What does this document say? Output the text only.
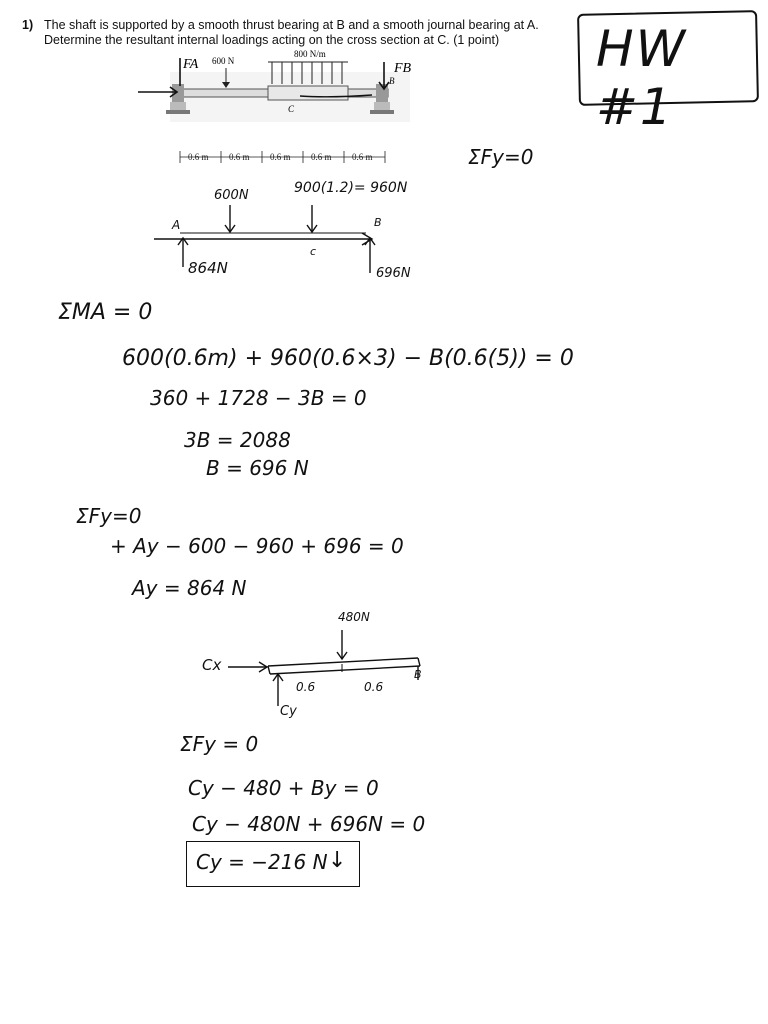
1) The shaft is supported by a smooth thrust bearing at B and a smooth journal bearing at A.
Determine the resultant internal loadings acting on the cross section at C. (1 point)	HW #1
600 N
800 N/m
FA	FB
C
B
0.6 m 0.6 m 0.6 m 0.6 m 0.6 m	ΣFy=0
600N	900(1.2)= 960N
A	B
c
864N	696N
ΣMA = 0
600(0.6m) + 960(0.6×3) − B(0.6(5)) = 0
360 + 1728 − 3B = 0
3B = 2088
B = 696 N
ΣFy=0
+ Ay − 600 − 960 + 696 = 0
Ay = 864 N
480N
Cx
Cy
0.6	0.6
B
ΣFy = 0
Cy − 480 + By = 0
Cy − 480N + 696N = 0
Cy = −216 N ↓
